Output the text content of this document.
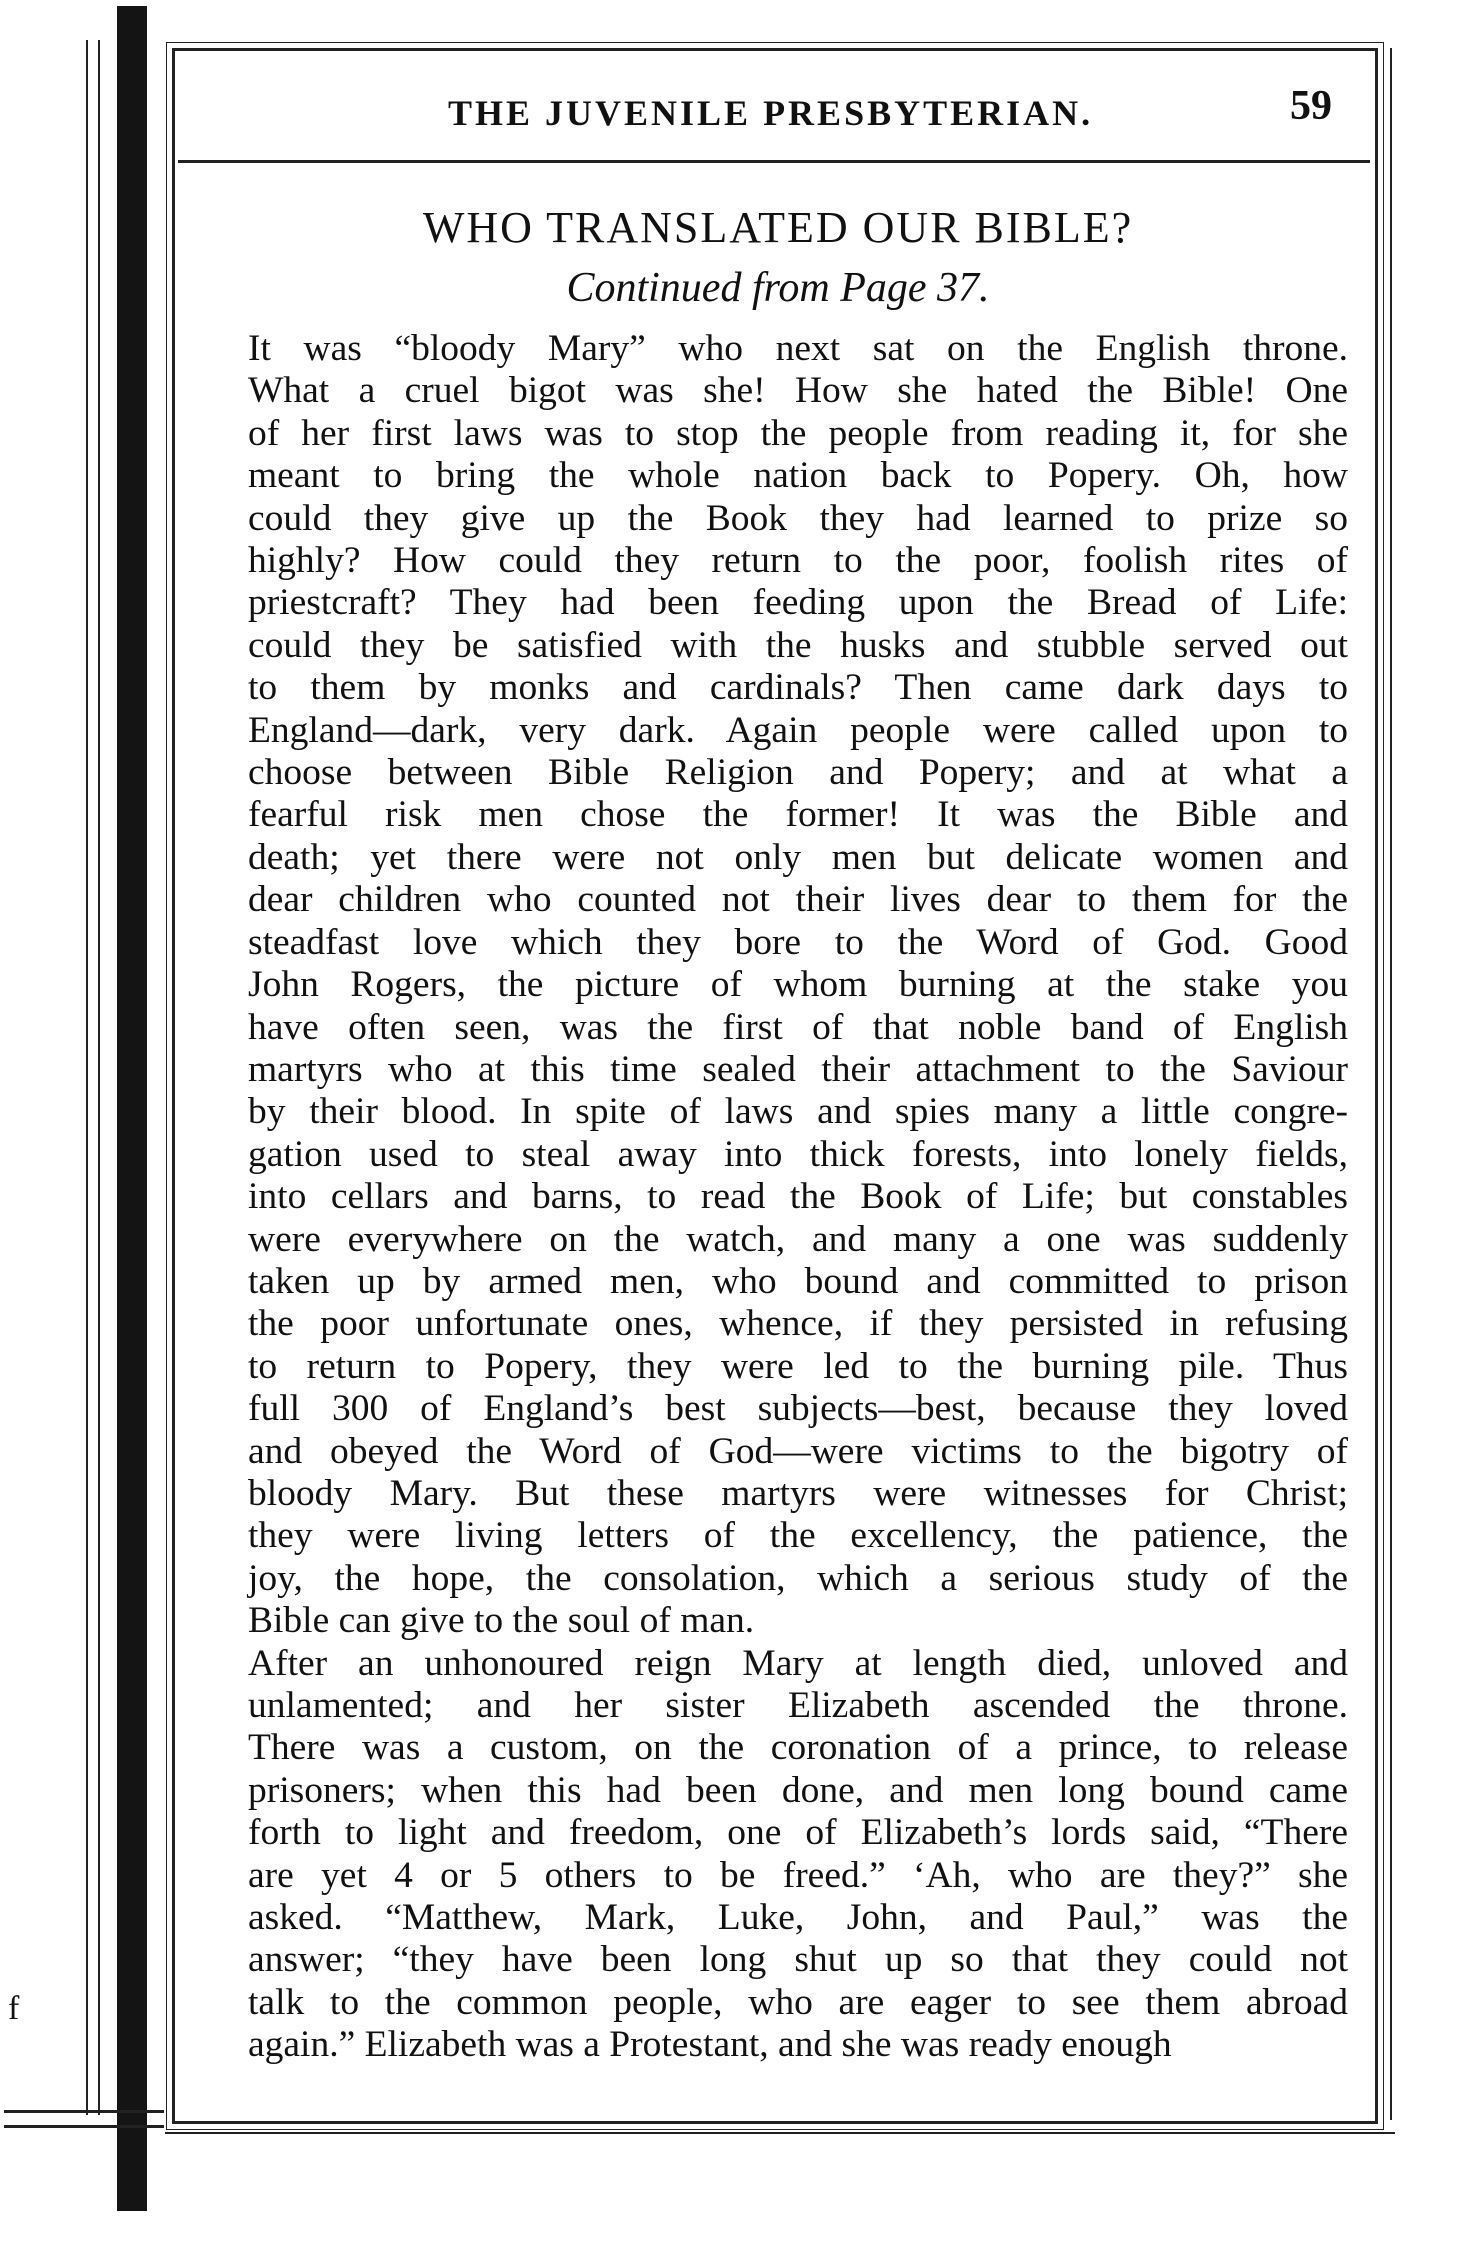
f
THE JUVENILE PRESBYTERIAN.	59
WHO TRANSLATED OUR BIBLE?
Continued from Page 37.
It was “bloody Mary” who next sat on the English throne.
What a cruel bigot was she! How she hated the Bible! One
of her first laws was to stop the people from reading it, for she
meant to bring the whole nation back to Popery. Oh, how
could they give up the Book they had learned to prize so
highly? How could they return to the poor, foolish rites of
priestcraft? They had been feeding upon the Bread of Life:
could they be satisfied with the husks and stubble served out
to them by monks and cardinals? Then came dark days to
England—dark, very dark. Again people were called upon to
choose between Bible Religion and Popery; and at what a
fearful risk men chose the former! It was the Bible and
death; yet there were not only men but delicate women and
dear children who counted not their lives dear to them for the
steadfast love which they bore to the Word of God. Good
John Rogers, the picture of whom burning at the stake you
have often seen, was the first of that noble band of English
martyrs who at this time sealed their attachment to the Saviour
by their blood. In spite of laws and spies many a little congre-
gation used to steal away into thick forests, into lonely fields,
into cellars and barns, to read the Book of Life; but constables
were everywhere on the watch, and many a one was suddenly
taken up by armed men, who bound and committed to prison
the poor unfortunate ones, whence, if they persisted in refusing
to return to Popery, they were led to the burning pile. Thus
full 300 of England’s best subjects—best, because they loved
and obeyed the Word of God—were victims to the bigotry of
bloody Mary. But these martyrs were witnesses for Christ;
they were living letters of the excellency, the patience, the
joy, the hope, the consolation, which a serious study of the
Bible can give to the soul of man.
After an unhonoured reign Mary at length died, unloved and
unlamented; and her sister Elizabeth ascended the throne.
There was a custom, on the coronation of a prince, to release
prisoners; when this had been done, and men long bound came
forth to light and freedom, one of Elizabeth’s lords said, “There
are yet 4 or 5 others to be freed.” ‘Ah, who are they?” she
asked. “Matthew, Mark, Luke, John, and Paul,” was the
answer; “they have been long shut up so that they could not
talk to the common people, who are eager to see them abroad
again.” Elizabeth was a Protestant, and she was ready enough
